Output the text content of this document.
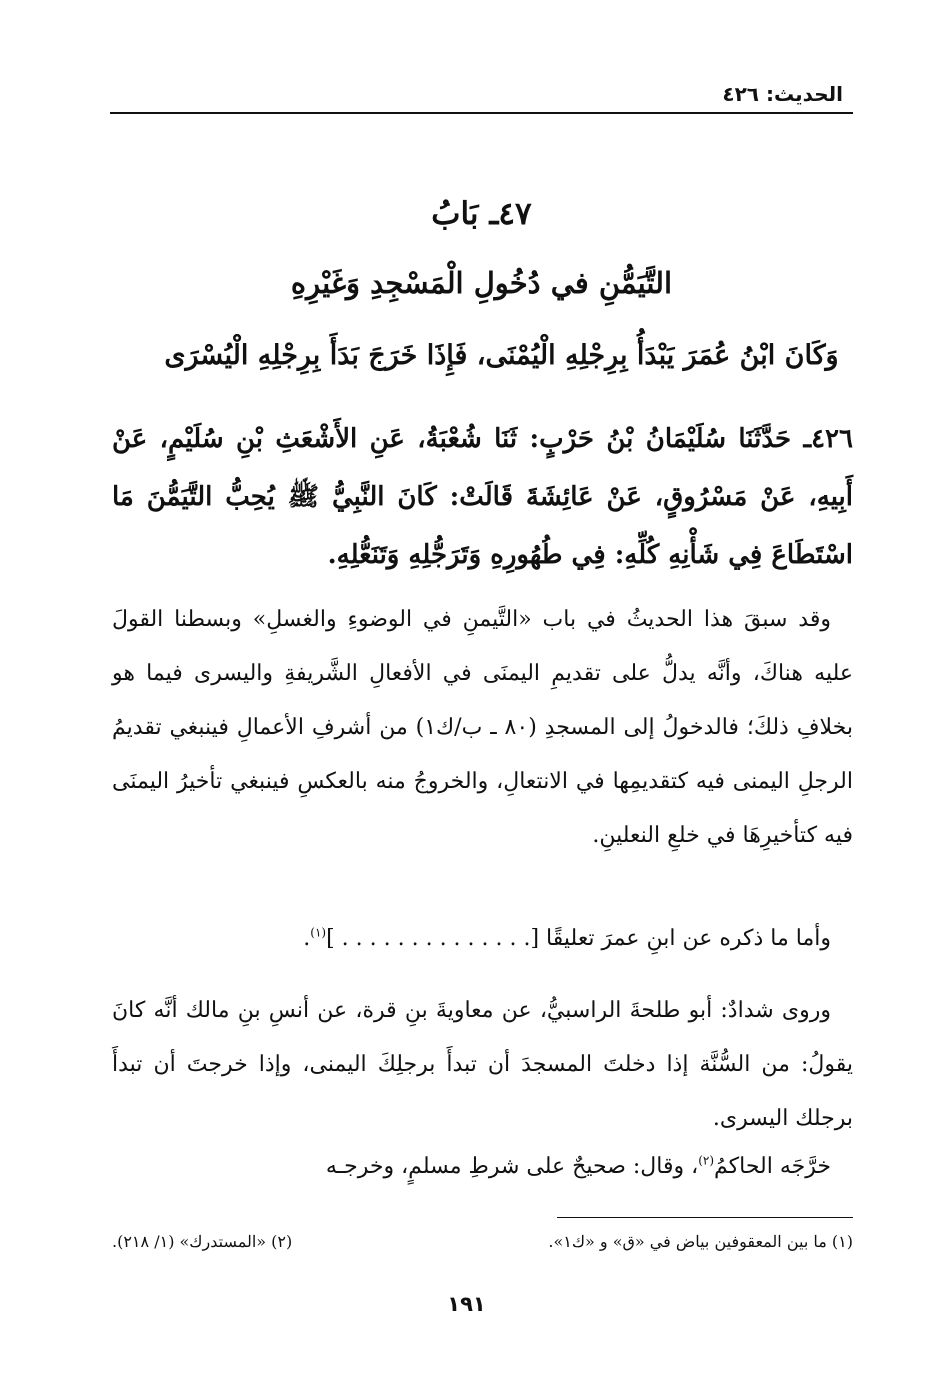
الحديث: ٤٢٦
٤٧ـ بَابُ
التَّيَمُّنِ في دُخُولِ الْمَسْجِدِ وَغَيْرِهِ
وَكَانَ ابْنُ عُمَرَ يَبْدَأُ بِرِجْلِهِ الْيُمْنَى، فَإِذَا خَرَجَ بَدَأَ بِرِجْلِهِ الْيُسْرَى
٤٢٦ـ حَدَّثَنَا سُلَيْمَانُ بْنُ حَرْبٍ: ثَنَا شُعْبَةُ، عَنِ الأَشْعَثِ بْنِ سُلَيْمٍ، عَنْ أَبِيهِ، عَنْ مَسْرُوقٍ، عَنْ عَائِشَةَ قَالَتْ: كَانَ النَّبِيُّ ﷺ يُحِبُّ التَّيَمُّنَ مَا اسْتَطَاعَ فِي شَأْنِهِ كُلِّهِ: فِي طُهُورِهِ وَتَرَجُّلِهِ وَتَنَعُّلِهِ.

وقد سبقَ هذا الحديثُ في باب «التَّيمنِ في الوضوءِ والغسلِ» وبسطنا القولَ عليه هناكَ، وأنَّه يدلُّ على تقديمِ اليمنَى في الأفعالِ الشَّريفةِ واليسرى فيما هو بخلافِ ذلكَ؛ فالدخولُ إلى المسجدِ (٨٠ ـ ب/ك١) من أشرفِ الأعمالِ فينبغي تقديمُ الرجلِ اليمنى فيه كتقديمِها في الانتعالِ، والخروجُ منه بالعكسِ فينبغي تأخيرُ اليمنَى فيه كتأخيرِهَا في خلعِ النعلينِ.

وأما ما ذكره عن ابنِ عمرَ تعليقًا [. . . . . . . . . . . . . . ]$^{(١)}$.

وروى شدادٌ: أبو طلحةَ الراسبيُّ، عن معاويةَ بنِ قرة، عن أنسِ بنِ مالك أنَّه كانَ يقولُ: من السُّنَّة إذا دخلتَ المسجدَ أن تبدأَ برجلِكَ اليمنى، وإذا خرجتَ أن تبدأَ برجلك اليسرى.

خرَّجَه الحاكمُ$^{(٢)}$، وقال: صحيحٌ على شرطِ مسلمٍ، وخرجـه

(١) ما بين المعقوفين بياض في «ق» و «ك١».
(٢) «المستدرك» (١/ ٢١٨).
١٩١
